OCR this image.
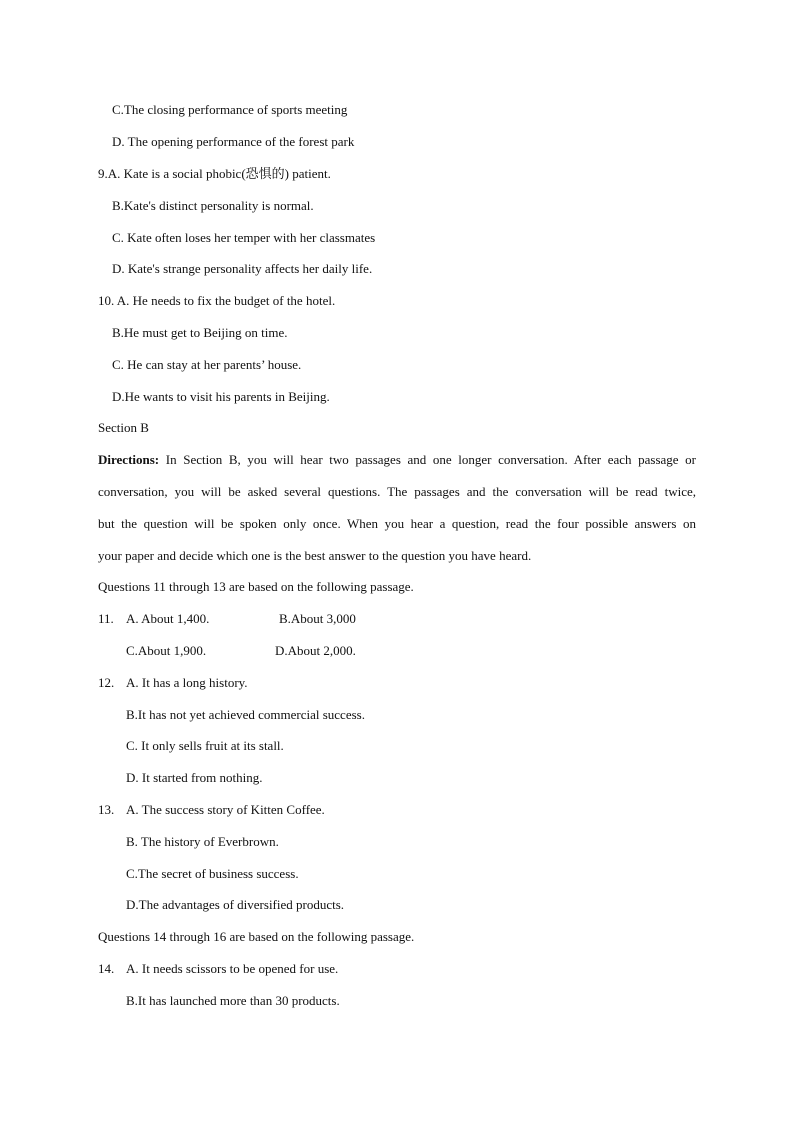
C.The closing performance of sports meeting
D. The opening performance of the forest park
9.A. Kate is a social phobic(恐惧的) patient.
B.Kate's distinct personality is normal.
C. Kate often loses her temper with her classmates
D. Kate's strange personality affects her daily life.
10. A. He needs to fix the budget of the hotel.
B.He must get to Beijing on time.
C. He can stay at her parents’ house.
D.He wants to visit his parents in Beijing.
Section B
Directions: In Section B, you will hear two passages and one longer conversation. After each passage or
conversation, you will be asked several questions. The passages and the conversation will be read twice,
but the question will be spoken only once. When you hear a question, read the four possible answers on
your paper and decide which one is the best answer to the question you have heard.
Questions 11 through 13 are based on the following passage.
11. A. About 1,400.	B.About 3,000
C.About 1,900.	D.About 2,000.
12. A. It has a long history.
B.It has not yet achieved commercial success.
C. It only sells fruit at its stall.
D. It started from nothing.
13. A. The success story of Kitten Coffee.
B. The history of Everbrown.
C.The secret of business success.
D.The advantages of diversified products.
Questions 14 through 16 are based on the following passage.
14. A. It needs scissors to be opened for use.
B.It has launched more than 30 products.
